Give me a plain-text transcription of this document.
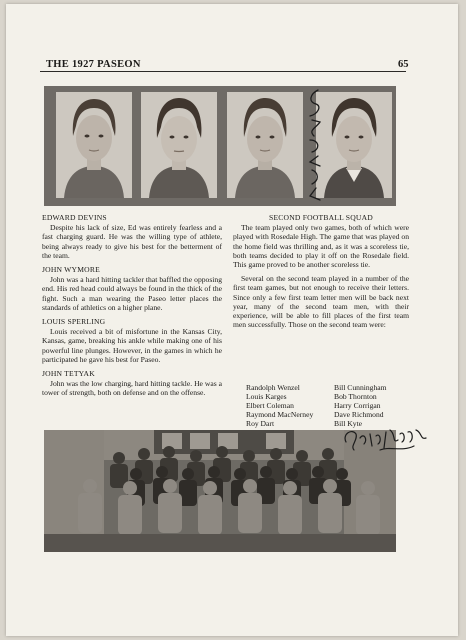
THE 1927 PASEON	65
EDWARD DEVINS
Despite his lack of size, Ed was entirely fearless and a fast charging guard. He was the willing type of athlete, being always ready to give his best for the betterment of the team.
JOHN WYMORE
John was a hard hitting tackler that baffled the opposing end. His red head could always be found in the thick of the fight. Such a man wearing the Paseo letter places the standards of athletics on a higher plane.
LOUIS SPERLING
Louis received a bit of misfortune in the Kansas City, Kansas, game, breaking his ankle while making one of his powerful line plunges. However, in the games in which he participated he gave his best for Paseo.
JOHN TETYAK
John was the low charging, hard hitting tackle. He was a tower of strength, both on defense and on the offense.
SECOND FOOTBALL SQUAD
The team played only two games, both of which were played with Rosedale High. The game that was played on the home field was thrilling and, as it was a scoreless tie, both teams decided to play it off on the Rosedale field. This game proved to be another scoreless tie.
Several on the second team played in a number of the first team games, but not enough to receive their letters. Since only a few first team letter men will be back next year, many of the second team men, with their experience, will be able to fill places of the first team men successfully. Those on the second team were:
Randolph Wenzel
Louis Karges
Elbert Coleman
Raymond MacNerney
Roy Dart
Bill Cunningham
Bob Thornton
Harry Corrigan
Dave Richmond
Bill Kyte
